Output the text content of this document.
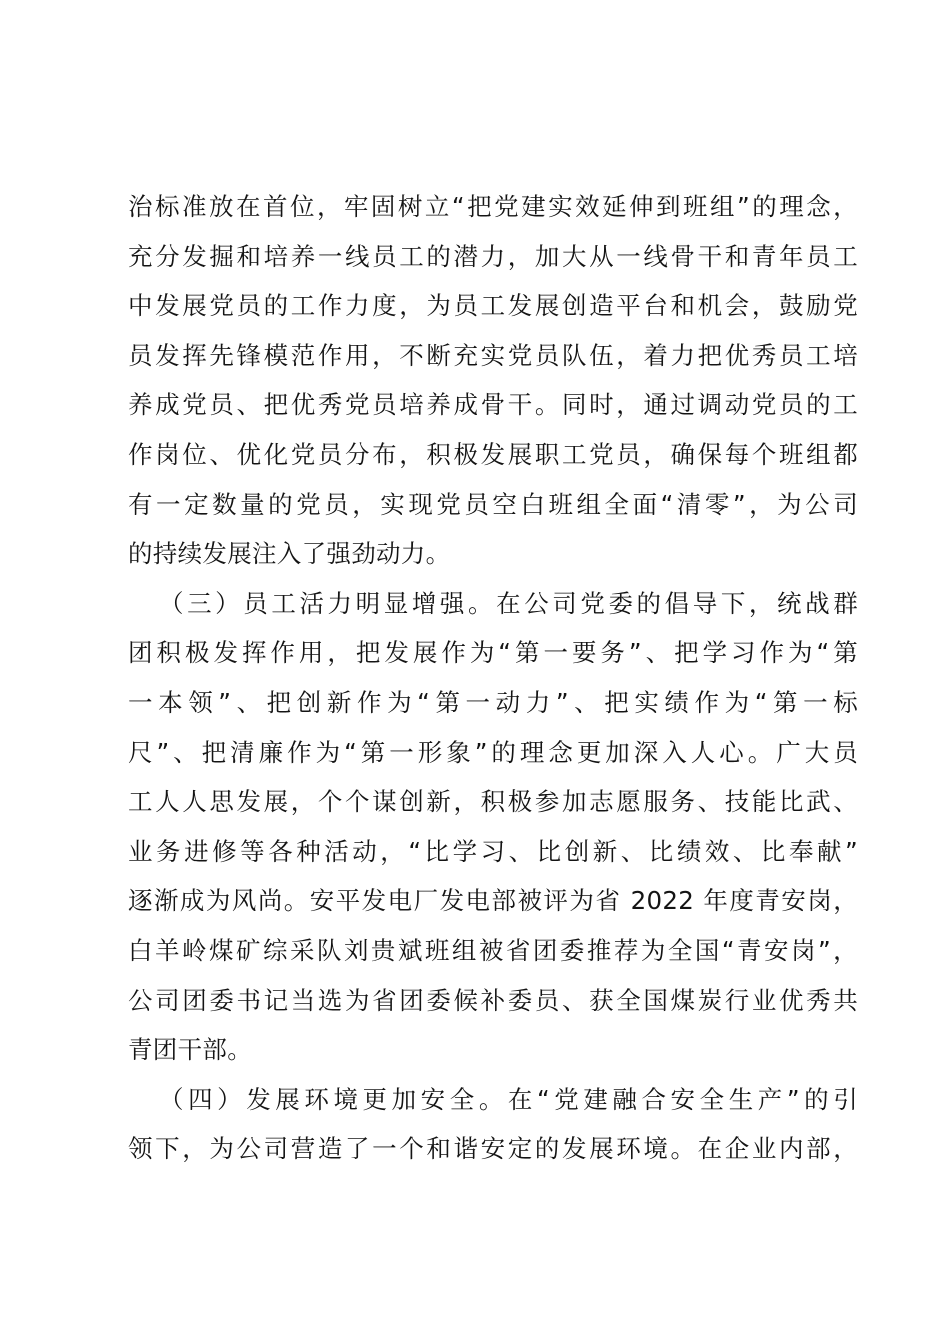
治标准放在首位，牢固树立“把党建实效延伸到班组”的理念，
充分发掘和培养一线员工的潜力，加大从一线骨干和青年员工
中发展党员的工作力度，为员工发展创造平台和机会，鼓励党
员发挥先锋模范作用，不断充实党员队伍，着力把优秀员工培
养成党员、把优秀党员培养成骨干。同时，通过调动党员的工
作岗位、优化党员分布，积极发展职工党员，确保每个班组都
有一定数量的党员，实现党员空白班组全面“清零”，为公司
的持续发展注入了强劲动力。
（三）员工活力明显增强。在公司党委的倡导下，统战群
团积极发挥作用，把发展作为“第一要务”、把学习作为“第
一本领”、把创新作为“第一动力”、把实绩作为“第一标
尺”、把清廉作为“第一形象”的理念更加深入人心。广大员
工人人思发展，个个谋创新，积极参加志愿服务、技能比武、
业务进修等各种活动，“比学习、比创新、比绩效、比奉献”
逐渐成为风尚。安平发电厂发电部被评为省 2022 年度青安岗，
白羊岭煤矿综采队刘贵斌班组被省团委推荐为全国“青安岗”，
公司团委书记当选为省团委候补委员、获全国煤炭行业优秀共
青团干部。
（四）发展环境更加安全。在“党建融合安全生产”的引
领下，为公司营造了一个和谐安定的发展环境。在企业内部，
